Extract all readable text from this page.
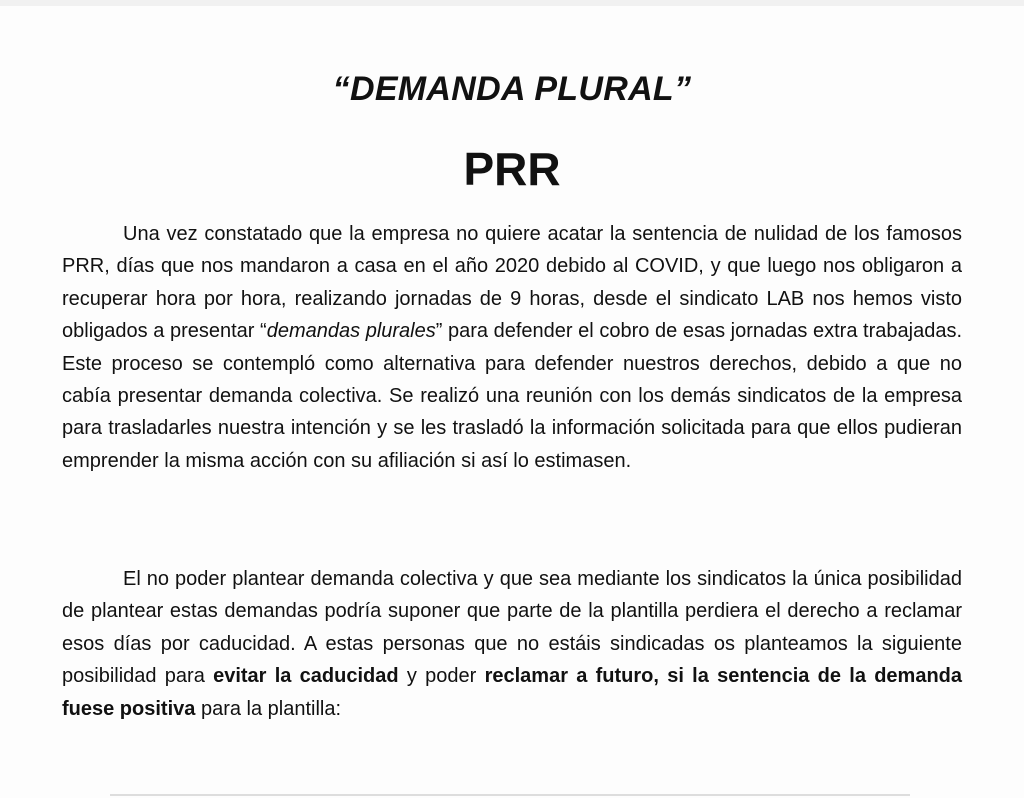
“DEMANDA PLURAL”
PRR

Una vez constatado que la empresa no quiere acatar la sentencia de nulidad de los famosos PRR, días que nos mandaron a casa en el año 2020 debido al COVID, y que luego nos obligaron a recuperar hora por hora, realizando jornadas de 9 horas, desde el sindicato LAB nos hemos visto obligados a presentar “demandas plurales” para defender el cobro de esas jornadas extra trabajadas. Este proceso se contempló como alternativa para defender nuestros derechos, debido a que no cabía presentar demanda colectiva. Se realizó una reunión con los demás sindicatos de la empresa para trasladarles nuestra intención y se les trasladó la información solicitada para que ellos pudieran emprender la misma acción con su afiliación si así lo estimasen.

El no poder plantear demanda colectiva y que sea mediante los sindicatos la única posibilidad de plantear estas demandas podría suponer que parte de la plantilla perdiera el derecho a reclamar esos días por caducidad. A estas personas que no estáis sindicadas os planteamos la siguiente posibilidad para evitar la caducidad y poder reclamar a futuro, si la sentencia de la demanda fuese positiva para la plantilla:
